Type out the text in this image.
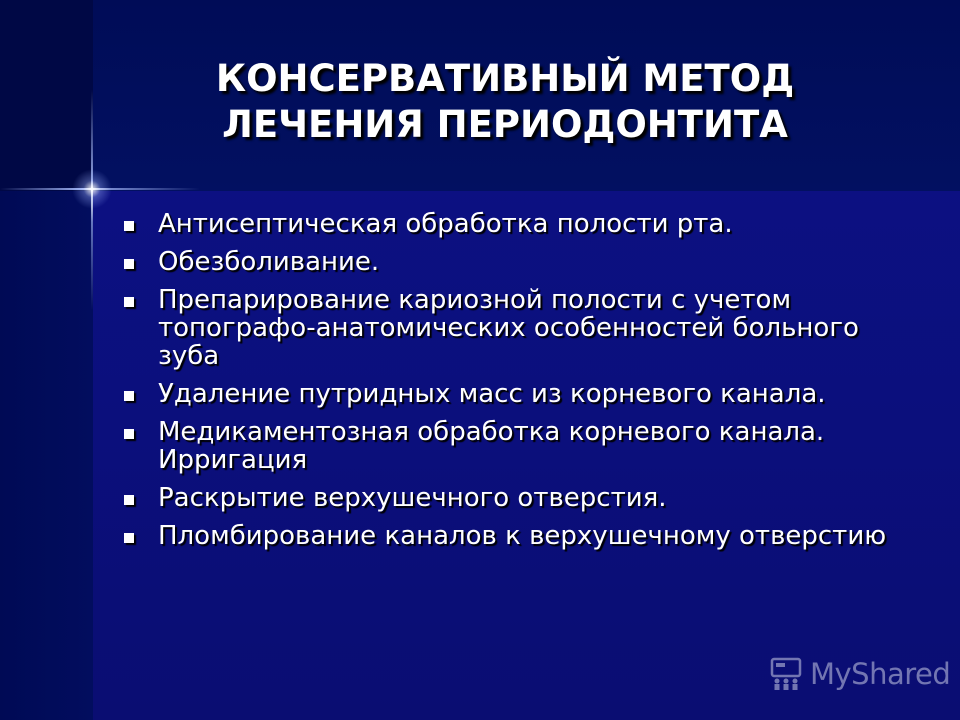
КОНСЕРВАТИВНЫЙ МЕТОД
ЛЕЧЕНИЯ ПЕРИОДОНТИТА
Антисептическая обработка полости рта.
Обезболивание.
Препарирование кариозной полости с учетом топографо-анатомических особенностей больного зуба
Удаление путридных масс из корневого канала.
Медикаментозная обработка корневого канала. Ирригация
Раскрытие верхушечного отверстия.
Пломбирование каналов к верхушечному отверстию
MyShared
